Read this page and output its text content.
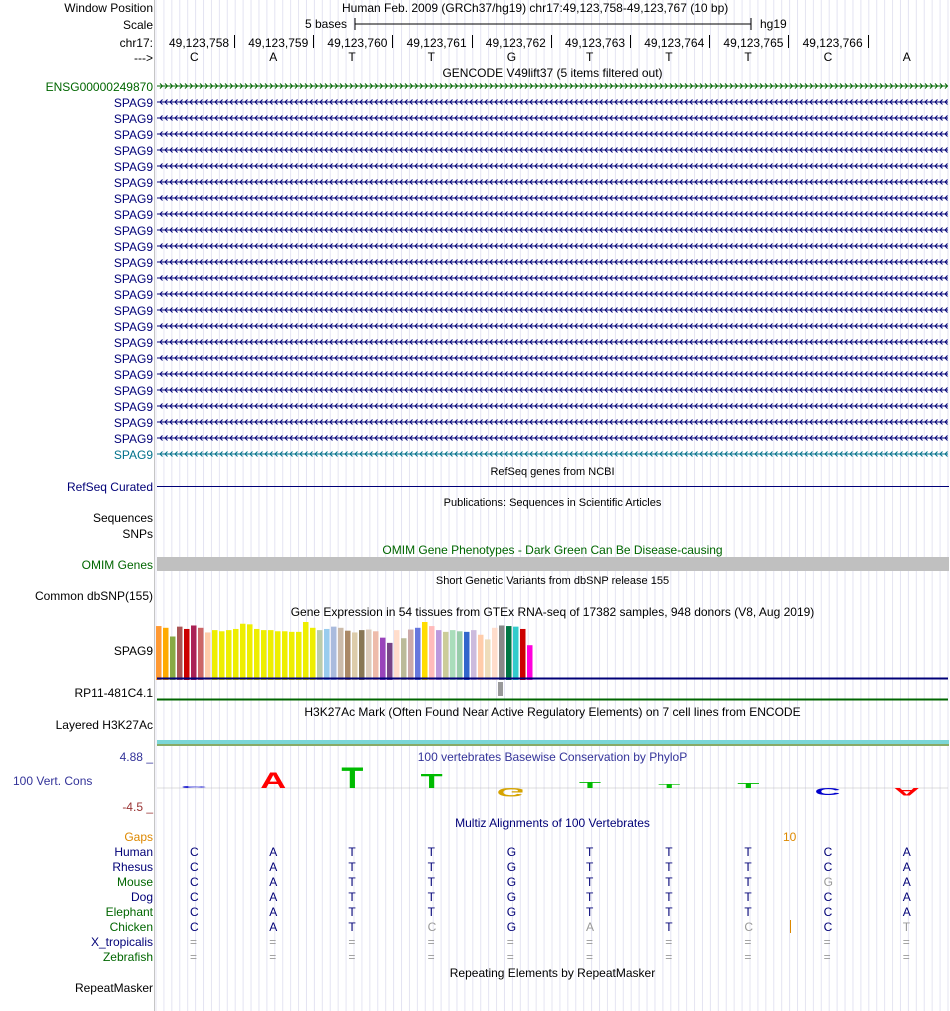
Window Position	Human Feb. 2009 (GRCh37/hg19) chr17:49,123,758-49,123,767 (10 bp)
Scale	5 bases	hg19
chr17:
--->
49,123,758 49,123,759 49,123,760 49,123,761 49,123,762 49,123,763 49,123,764 49,123,765 49,123,766
C	A	T	T	G	T	T	T	C	A
GENCODE V49lift37 (5 items filtered out)
ENSG00000249870
SPAG9
SPAG9
SPAG9
SPAG9
SPAG9
SPAG9
SPAG9
SPAG9
SPAG9
SPAG9
SPAG9
SPAG9
SPAG9
SPAG9
SPAG9
SPAG9
SPAG9
SPAG9
SPAG9
SPAG9
SPAG9
SPAG9
SPAG9
RefSeq genes from NCBI
RefSeq Curated
Publications: Sequences in Scientific Articles
Sequences
SNPs
OMIM Gene Phenotypes - Dark Green Can Be Disease-causing
OMIM Genes
Short Genetic Variants from dbSNP release 155
Common dbSNP(155)
Gene Expression in 54 tissues from GTEx RNA-seq of 17382 samples, 948 donors (V8, Aug 2019)
SPAG9
RP11-481C4.1
H3K27Ac Mark (Often Found Near Active Regulatory Elements) on 7 cell lines from ENCODE
Layered H3K27Ac
100 vertebrates Basewise Conservation by PhyloP
4.88 _
100 Vert. Cons
-4.5 _
C	A	T	T	G
T	T	T	C	A
Multiz Alignments of 100 Vertebrates
Gaps	10
Human	C	A	T	T	G	T	T	T	C	A
Rhesus	C	A	T	T	G	T	T	T	C	A
Mouse	C	A	T	T	G	T	T	T	G	A
Dog	C	A	T	T	G	T	T	T	C	A
Elephant	C	A	T	T	G	T	T	T	C	A
Chicken	C	A	T	C	G	A	T	C	C	T
X_tropicalis	=	=	=	=	=	=	=	=	=	=
Zebrafish	=	=	=	=	=	=	=	=	=	=
Repeating Elements by RepeatMasker
RepeatMasker
